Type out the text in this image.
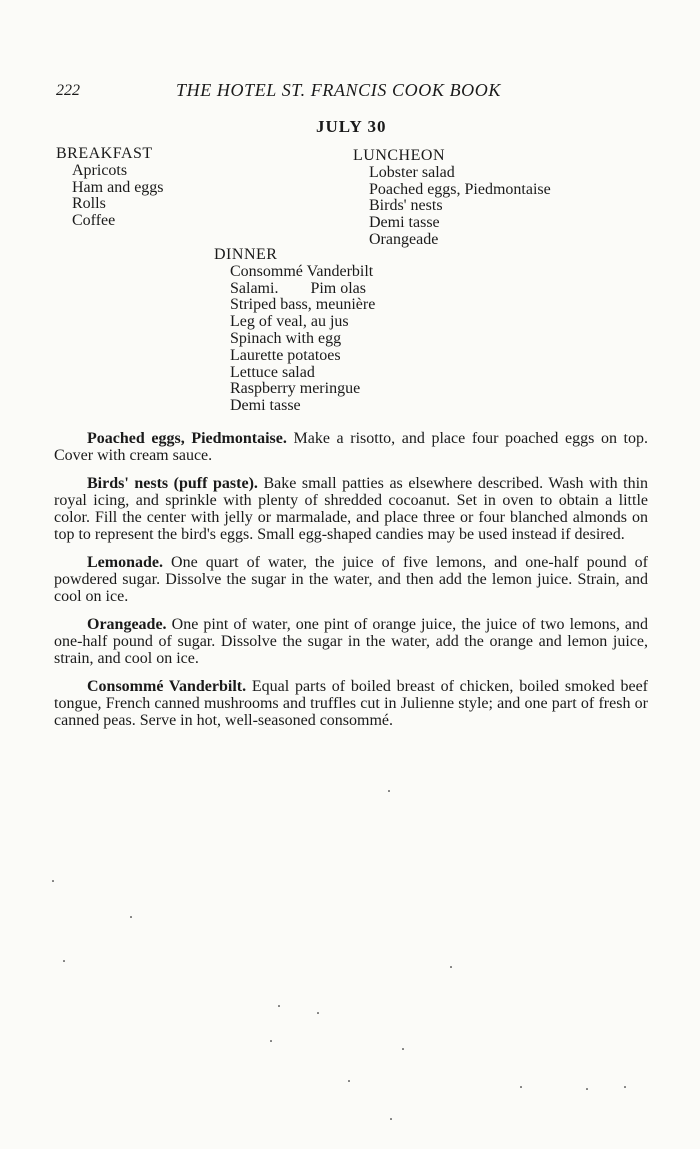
222	THE HOTEL ST. FRANCIS COOK BOOK
JULY 30
BREAKFAST
Apricots
Ham and eggs
Rolls
Coffee
LUNCHEON
Lobster salad
Poached eggs, Piedmontaise
Birds' nests
Demi tasse
Orangeade
DINNER
Consommé Vanderbilt
Salami.        Pim olas
Striped bass, meunière
Leg of veal, au jus
Spinach with egg
Laurette potatoes
Lettuce salad
Raspberry meringue
Demi tasse

Poached eggs, Piedmontaise. Make a risotto, and place four poached eggs on top. Cover with cream sauce.

Birds' nests (puff paste). Bake small patties as elsewhere described. Wash with thin royal icing, and sprinkle with plenty of shredded cocoanut. Set in oven to obtain a little color. Fill the center with jelly or marmalade, and place three or four blanched almonds on top to represent the bird's eggs. Small egg-shaped candies may be used instead if desired.

Lemonade. One quart of water, the juice of five lemons, and one-half pound of powdered sugar. Dissolve the sugar in the water, and then add the lemon juice. Strain, and cool on ice.

Orangeade. One pint of water, one pint of orange juice, the juice of two lemons, and one-half pound of sugar. Dissolve the sugar in the water, add the orange and lemon juice, strain, and cool on ice.

Consommé Vanderbilt. Equal parts of boiled breast of chicken, boiled smoked beef tongue, French canned mushrooms and truffles cut in Julienne style; and one part of fresh or canned peas. Serve in hot, well-seasoned consommé.
